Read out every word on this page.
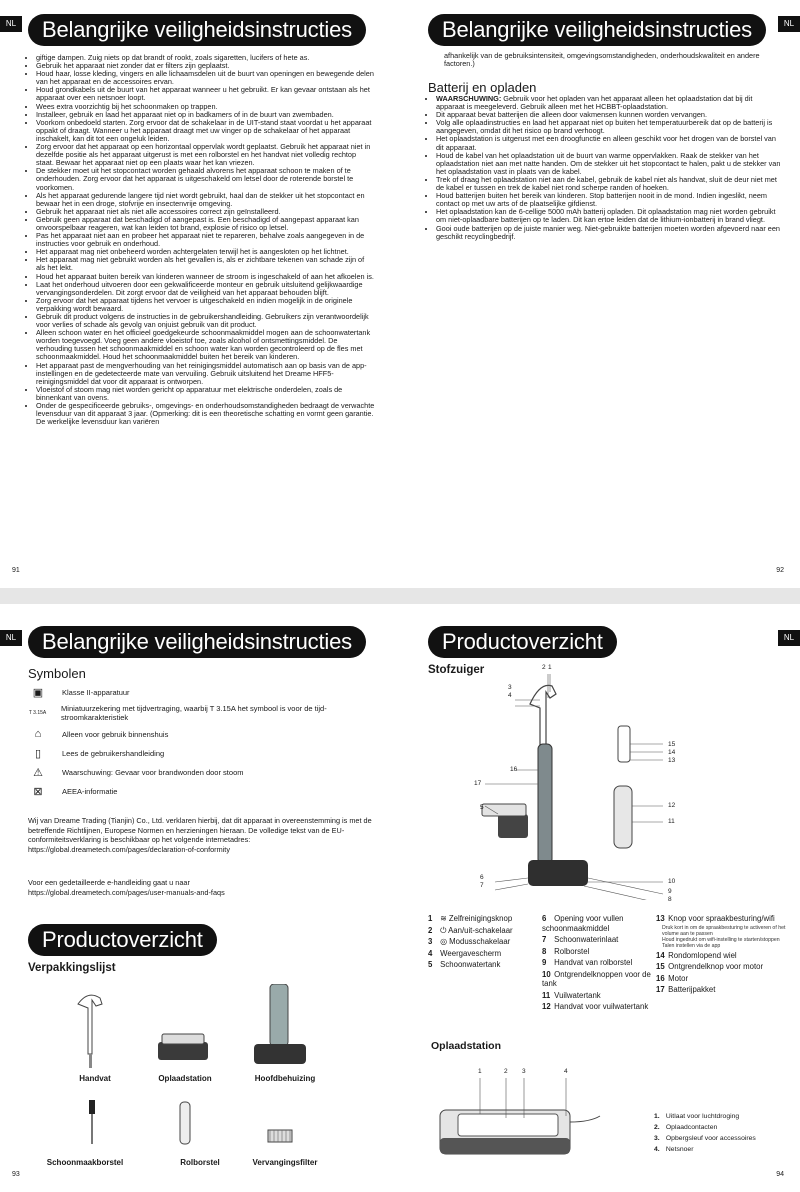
NL	Belangrijke veiligheidsinstructies
• giftige dampen. Zuig niets op dat brandt of rookt, zoals sigaretten, lucifers of hete as.
• Gebruik het apparaat niet zonder dat er filters zijn geplaatst.
• Houd haar, losse kleding, vingers en alle lichaamsdelen uit de buurt van openingen en bewegende delen van het apparaat en de accessoires ervan.
• Houd grondkabels uit de buurt van het apparaat wanneer u het gebruikt. Er kan gevaar ontstaan als het apparaat over een netsnoer loopt.
• Wees extra voorzichtig bij het schoonmaken op trappen.
• Installeer, gebruik en laad het apparaat niet op in badkamers of in de buurt van zwembaden.
• Voorkom onbedoeld starten. Zorg ervoor dat de schakelaar in de UIT-stand staat voordat u het apparaat oppakt of draagt. Wanneer u het apparaat draagt met uw vinger op de schakelaar of het apparaat inschakelt, kan dit tot een ongeluk leiden.
• Zorg ervoor dat het apparaat op een horizontaal oppervlak wordt geplaatst. Gebruik het apparaat niet in dezelfde positie als het apparaat uitgerust is met een rolborstel en het handvat niet volledig rechtop staat. Bewaar het apparaat niet op een plaats waar het kan vriezen.
• De stekker moet uit het stopcontact worden gehaald alvorens het apparaat schoon te maken of te onderhouden. Zorg ervoor dat het apparaat is uitgeschakeld om letsel door de roterende borstel te voorkomen.
• Als het apparaat gedurende langere tijd niet wordt gebruikt, haal dan de stekker uit het stopcontact en bewaar het in een droge, stofvrije en insectenvrije omgeving.
• Gebruik het apparaat niet als niet alle accessoires correct zijn geïnstalleerd.
• Gebruik geen apparaat dat beschadigd of aangepast is. Een beschadigd of aangepast apparaat kan onvoorspelbaar reageren, wat kan leiden tot brand, explosie of risico op letsel.
• Pas het apparaat niet aan en probeer het apparaat niet te repareren, behalve zoals aangegeven in de instructies voor gebruik en onderhoud.
• Het apparaat mag niet onbeheerd worden achtergelaten terwijl het is aangesloten op het lichtnet.
• Het apparaat mag niet gebruikt worden als het gevallen is, als er zichtbare tekenen van schade zijn of als het lekt.
• Houd het apparaat buiten bereik van kinderen wanneer de stroom is ingeschakeld of aan het afkoelen is.
• Laat het onderhoud uitvoeren door een gekwalificeerde monteur en gebruik uitsluitend gelijkwaardige vervangingsonderdelen. Dit zorgt ervoor dat de veiligheid van het apparaat behouden blijft.
• Zorg ervoor dat het apparaat tijdens het vervoer is uitgeschakeld en indien mogelijk in de originele verpakking wordt bewaard.
• Gebruik dit product volgens de instructies in de gebruikershandleiding. Gebruikers zijn verantwoordelijk voor verlies of schade als gevolg van onjuist gebruik van dit product.
• Alleen schoon water en het officieel goedgekeurde schoonmaakmiddel mogen aan de schoonwatertank worden toegevoegd. Voeg geen andere vloeistof toe, zoals alcohol of ontsmettingsmiddel. De verhouding tussen het schoonmaakmiddel en schoon water kan worden gecontroleerd op de fles met schoonmaakmiddel. Houd het schoonmaakmiddel buiten het bereik van kinderen.
• Het apparaat past de mengverhouding van het reinigingsmiddel automatisch aan op basis van de app-instellingen en de gedetecteerde mate van vervuiling. Gebruik uitsluitend het Dreame HFF5-reinigingsmiddel dat voor dit apparaat is ontworpen.
• Vloeistof of stoom mag niet worden gericht op apparatuur met elektrische onderdelen, zoals de binnenkant van ovens.
• Onder de gespecificeerde gebruiks-, omgevings- en onderhoudsomstandigheden bedraagt de verwachte levensduur van dit apparaat 3 jaar. (Opmerking: dit is een theoretische schatting en vormt geen garantie. De werkelijke levensduur kan variëren
91
NL
Belangrijke veiligheidsinstructies
afhankelijk van de gebruiksintensiteit, omgevingsomstandigheden, onderhoudskwaliteit en andere factoren.)
Batterij en opladen
• WAARSCHUWING: Gebruik voor het opladen van het apparaat alleen het oplaadstation dat bij dit apparaat is meegeleverd. Gebruik alleen met het HCBBT-oplaadstation.
• Dit apparaat bevat batterijen die alleen door vakmensen kunnen worden vervangen.
• Volg alle oplaadinstructies en laad het apparaat niet op buiten het temperatuurbereik dat op de batterij is aangegeven, omdat dit het risico op brand verhoogt.
• Het oplaadstation is uitgerust met een droogfunctie en alleen geschikt voor het drogen van de borstel van dit apparaat.
• Houd de kabel van het oplaadstation uit de buurt van warme oppervlakken. Raak de stekker van het oplaadstation niet aan met natte handen. Om de stekker uit het stopcontact te halen, pakt u de stekker van het oplaadstation vast in plaats van de kabel.
• Trek of draag het oplaadstation niet aan de kabel, gebruik de kabel niet als handvat, sluit de deur niet met de kabel er tussen en trek de kabel niet rond scherpe randen of hoeken.
• Houd batterijen buiten het bereik van kinderen. Stop batterijen nooit in de mond. Indien ingeslikt, neem contact op met uw arts of de plaatselijke gifdienst.
• Het oplaadstation kan de 6-cellige 5000 mAh batterij opladen. Dit oplaadstation mag niet worden gebruikt om niet-oplaadbare batterijen op te laden. Dit kan ertoe leiden dat de lithium-ionbatterij in brand vliegt.
• Gooi oude batterijen op de juiste manier weg. Niet-gebruikte batterijen moeten worden afgevoerd naar een geschikt recyclingbedrijf.
92
NL	Belangrijke veiligheidsinstructies
Symbolen
▣	Klasse II-apparatuur
T 3.15A Miniatuurzekering met tijdvertraging, waarbij T 3.15A het symbool is voor de tijd-stroomkarakteristiek
⌂	Alleen voor gebruik binnenshuis
▯	Lees de gebruikershandleiding
⚠	Waarschuwing: Gevaar voor brandwonden door stoom
⊠	AEEA-informatie
Wij van Dreame Trading (Tianjin) Co., Ltd. verklaren hierbij, dat dit apparaat in overeenstemming is met de betreffende Richtlijnen, Europese Normen en herzieningen hieraan. De volledige tekst van de EU-conformiteitsverklaring is beschikbaar op het volgende internetadres: https://global.dreametech.com/pages/declaration-of-conformity
Voor een gedetailleerde e-handleiding gaat u naar
https://global.dreametech.com/pages/user-manuals-and-faqs
Productoverzicht
Verpakkingslijst
Handvat	Oplaadstation	Hoofdbehuizing
Schoonmaakborstel	Rolborstel	Vervangingsfilter
93
NL
Productoverzicht
Stofzuiger	1
2
3
4
5
6
7
8
9
10
11
12
13
14
15
16
17
1 ≋ Zelfreinigingsknop
2 ⏻ Aan/uit-schakelaar
3 ◎ Modusschakelaar
4 Weergavescherm
5 Schoonwatertank
6 Opening voor vullen schoonmaakmiddel
7 Schoonwaterinlaat
8 Rolborstel
9 Handvat van rolborstel
10 Ontgrendelknoppen voor de tank
11 Vuilwatertank
12 Handvat voor vuilwatertank
13 Knop voor spraakbesturing/wifi
Druk kort in om de spraakbesturing te activeren of het volume aan te passen
Houd ingedrukt om wifi-instelling te starten/stoppen
Talen instellen via de app
14 Rondomlopend wiel
15 Ontgrendelknop voor motor
16 Motor
17 Batterijpakket
Oplaadstation
1	2 3	4
1. Uitlaat voor luchtdroging
2. Oplaadcontacten
3. Opbergsleuf voor accessoires
4. Netsnoer
94
